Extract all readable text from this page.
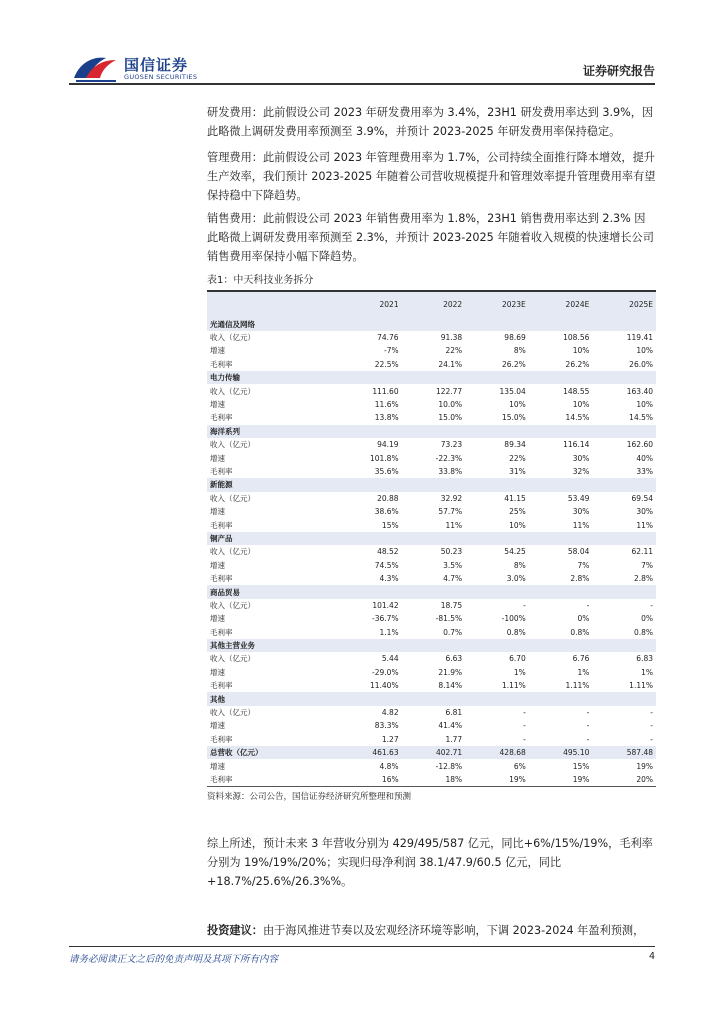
国信证券
GUOSEN SECURITIES	证券研究报告
研发费用：此前假设公司 2023 年研发费用率为 3.4%，23H1 研发费用率达到 3.9%，因此略微上调研发费用率预测至 3.9%，并预计 2023-2025 年研发费用率保持稳定。
管理费用：此前假设公司 2023 年管理费用率为 1.7%，公司持续全面推行降本增效，提升生产效率，我们预计 2023-2025 年随着公司营收规模提升和管理效率提升管理费用率有望保持稳中下降趋势。
销售费用：此前假设公司 2023 年销售费用率为 1.8%，23H1 销售费用率达到 2.3% 因此略微上调研发费用率预测至 2.3%，并预计 2023-2025 年随着收入规模的快速增长公司销售费用率保持小幅下降趋势。
表1：中天科技业务拆分
	2021	2022	2023E	2024E	2025E
光通信及网络					
收入（亿元）	74.76	91.38	98.69	108.56	119.41
增速	-7%	22%	8%	10%	10%
毛利率	22.5%	24.1%	26.2%	26.2%	26.0%
电力传输					
收入（亿元）	111.60	122.77	135.04	148.55	163.40
增速	11.6%	10.0%	10%	10%	10%
毛利率	13.8%	15.0%	15.0%	14.5%	14.5%
海洋系列					
收入（亿元）	94.19	73.23	89.34	116.14	162.60
增速	101.8%	-22.3%	22%	30%	40%
毛利率	35.6%	33.8%	31%	32%	33%
新能源					
收入（亿元）	20.88	32.92	41.15	53.49	69.54
增速	38.6%	57.7%	25%	30%	30%
毛利率	15%	11%	10%	11%	11%
铜产品					
收入（亿元）	48.52	50.23	54.25	58.04	62.11
增速	74.5%	3.5%	8%	7%	7%
毛利率	4.3%	4.7%	3.0%	2.8%	2.8%
商品贸易					
收入（亿元）	101.42	18.75	-	-	-
增速	-36.7%	-81.5%	-100%	0%	0%
毛利率	1.1%	0.7%	0.8%	0.8%	0.8%
其他主营业务					
收入（亿元）	5.44	6.63	6.70	6.76	6.83
增速	-29.0%	21.9%	1%	1%	1%
毛利率	11.40%	8.14%	1.11%	1.11%	1.11%
其他					
收入（亿元）	4.82	6.81	-	-	-
增速	83.3%	41.4%	-	-	-
毛利率	1.27	1.77	-	-	-
总营收（亿元）	461.63	402.71	428.68	495.10	587.48
增速	4.8%	-12.8%	6%	15%	19%
毛利率	16%	18%	19%	19%	20%
资料来源：公司公告，国信证券经济研究所整理和预测
综上所述，预计未来 3 年营收分别为 429/495/587 亿元，同比+6%/15%/19%，毛利率分别为 19%/19%/20%；实现归母净利润 38.1/47.9/60.5 亿元，同比+18.7%/25.6%/26.3%%。
投资建议：由于海风推进节奏以及宏观经济环境等影响，下调 2023-2024 年盈利预测，
请务必阅读正文之后的免责声明及其项下所有内容	4
